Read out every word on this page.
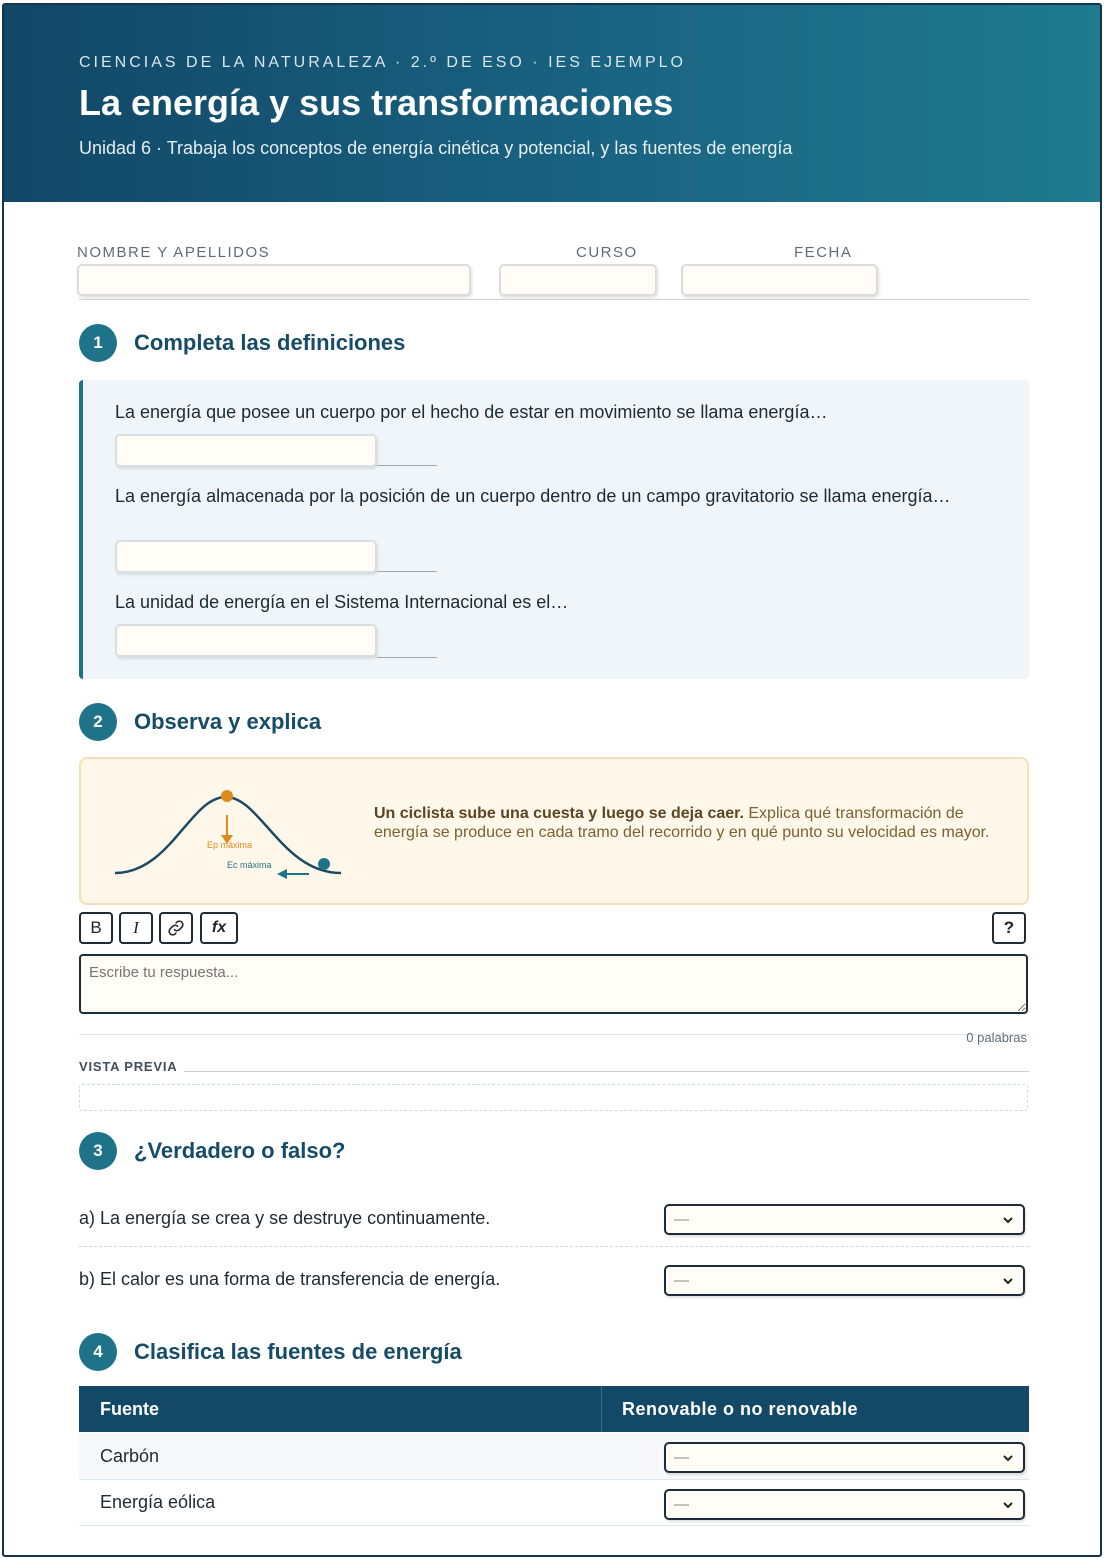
CIENCIAS DE LA NATURALEZA · 2.º DE ESO · IES EJEMPLO
La energía y sus transformaciones
Unidad 6 · Trabaja los conceptos de energía cinética y potencial, y las fuentes de energía
NOMBRE Y APELLIDOS	CURSO	FECHA
1	Completa las definiciones
La energía que posee un cuerpo por el hecho de estar en movimiento se llama energía…
La energía almacenada por la posición de un cuerpo dentro de un campo gravitatorio se llama energía…
La unidad de energía en el Sistema Internacional es el…
2	Observa y explica
Ep máxima
Ec máxima
Un ciclista sube una cuesta y luego se deja caer. Explica qué transformación de energía se produce en cada tramo del recorrido y en qué punto su velocidad es mayor.
B I	fx	?
Escribe tu respuesta...
0 palabras
VISTA PREVIA
3	¿Verdadero o falso?
a) La energía se crea y se destruye continuamente.	—
b) El calor es una forma de transferencia de energía.	—
4	Clasifica las fuentes de energía
Fuente	Renovable o no renovable
Carbón	—
Energía eólica	—
